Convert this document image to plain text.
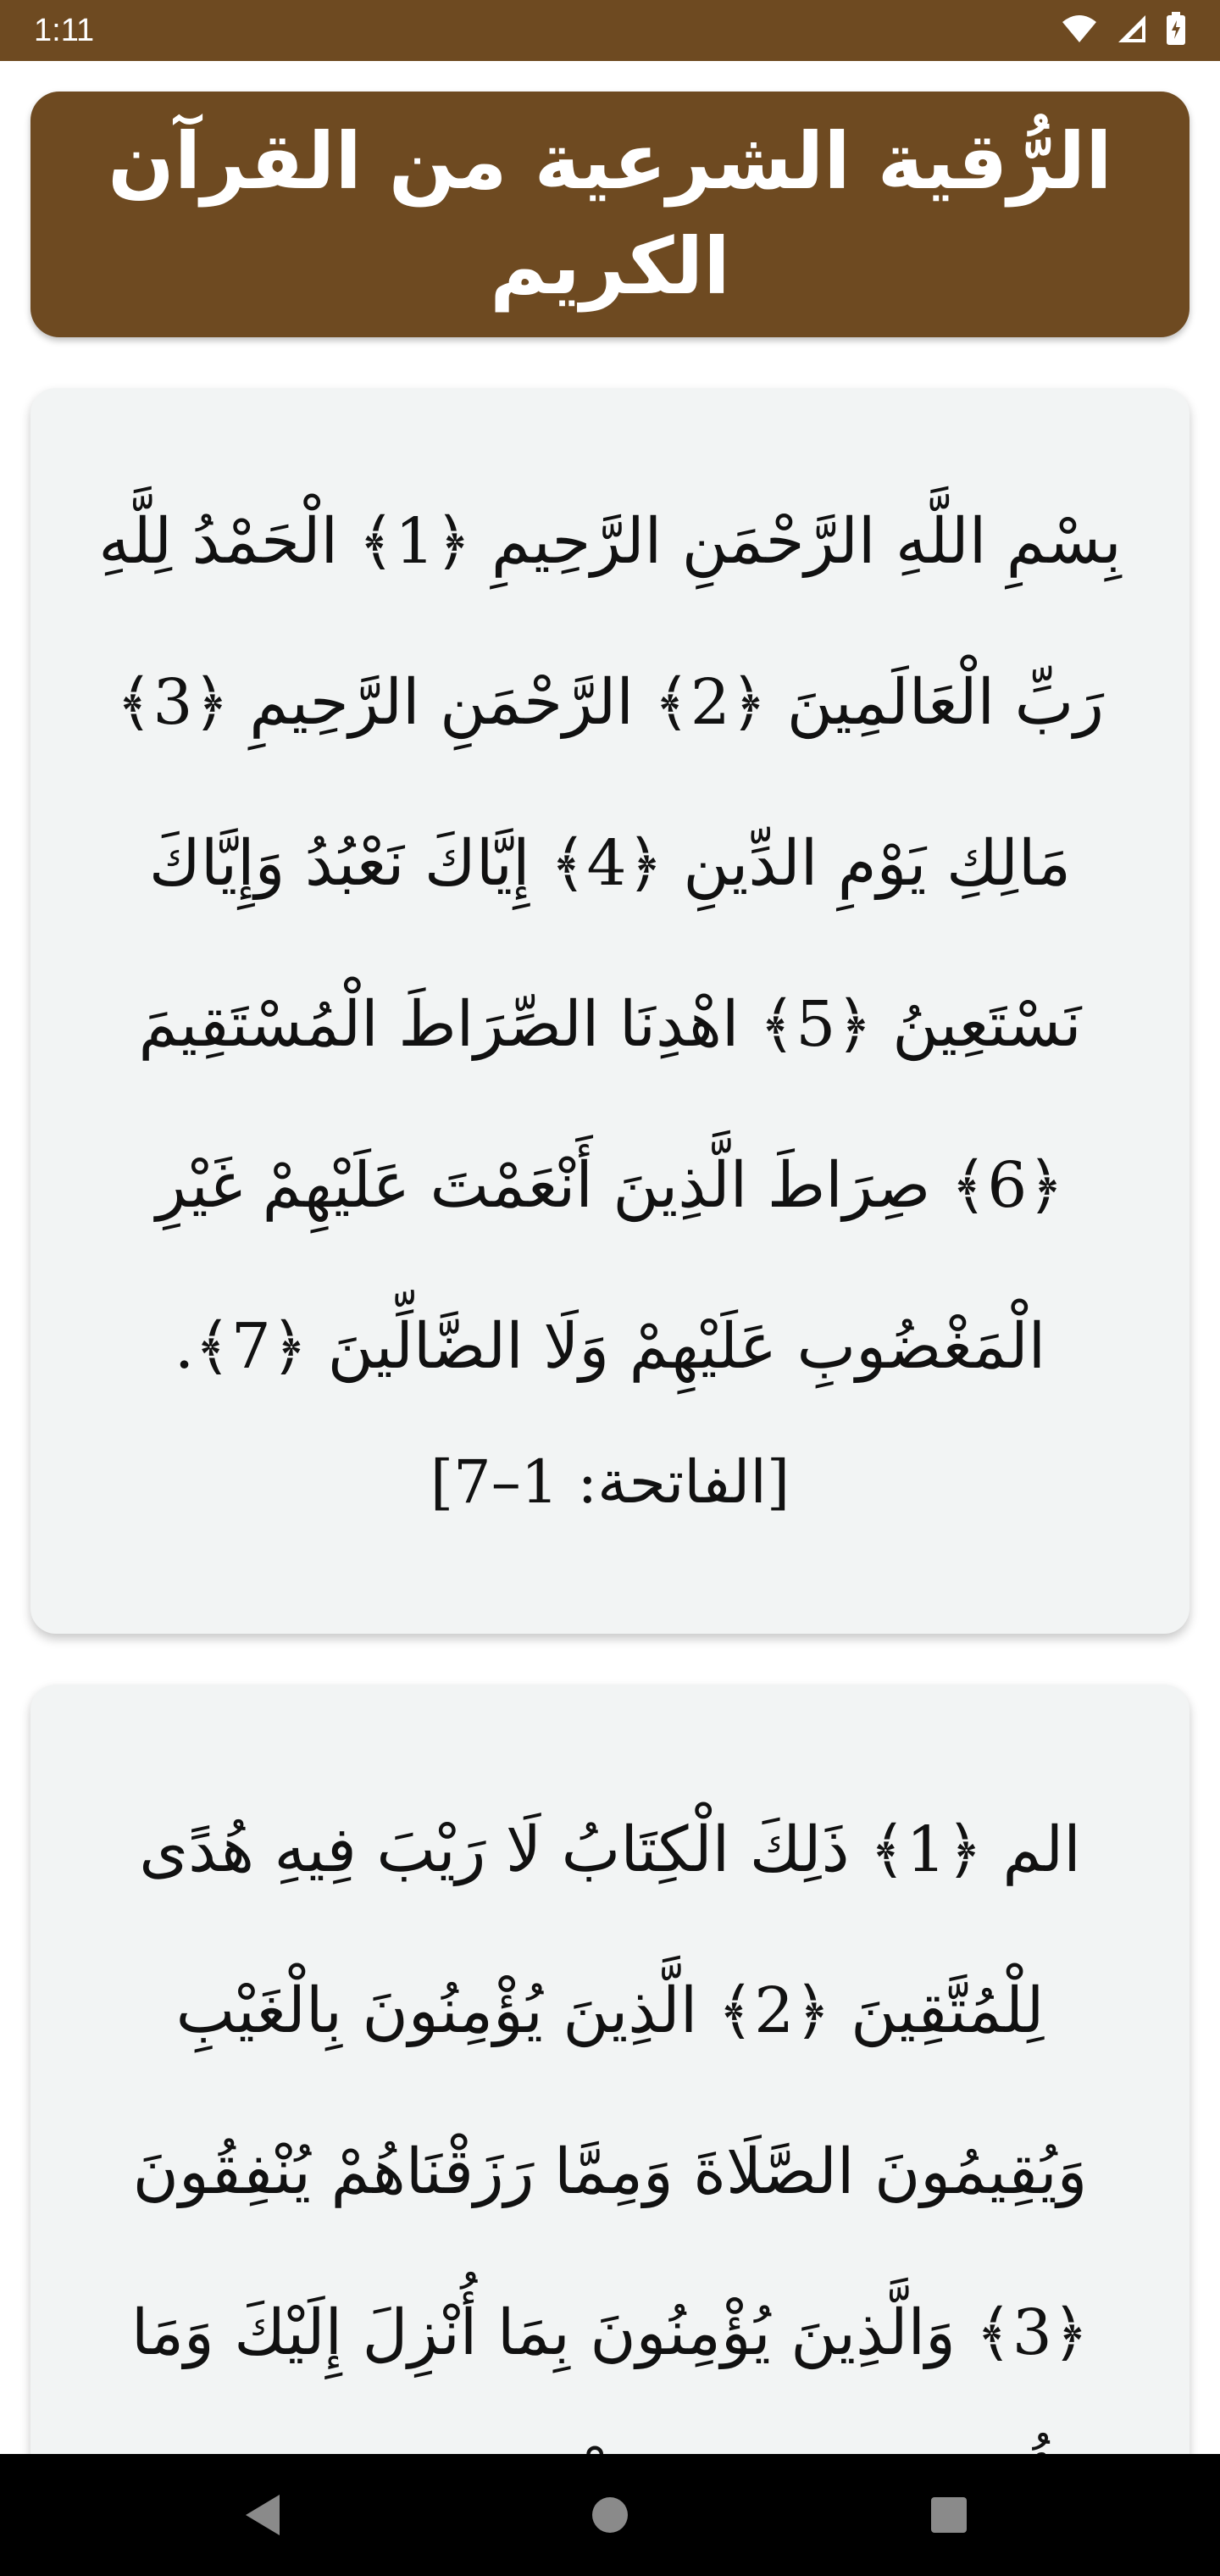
1:11
الرُّقية الشرعية من القرآن الكريم
بِسْمِ اللَّهِ الرَّحْمَنِ الرَّحِيمِ ﴿1﴾ الْحَمْدُ لِلَّهِ رَبِّ الْعَالَمِينَ ﴿2﴾ الرَّحْمَنِ الرَّحِيمِ ﴿3﴾ مَالِكِ يَوْمِ الدِّينِ ﴿4﴾ إِيَّاكَ نَعْبُدُ وَإِيَّاكَ نَسْتَعِينُ ﴿5﴾ اهْدِنَا الصِّرَاطَ الْمُسْتَقِيمَ ﴿6﴾ صِرَاطَ الَّذِينَ أَنْعَمْتَ عَلَيْهِمْ غَيْرِ الْمَغْضُوبِ عَلَيْهِمْ وَلَا الضَّالِّينَ ﴿7﴾.
[الفاتحة: 1–7]
الم ﴿1﴾ ذَلِكَ الْكِتَابُ لَا رَيْبَ فِيهِ هُدًى لِلْمُتَّقِينَ ﴿2﴾ الَّذِينَ يُؤْمِنُونَ بِالْغَيْبِ وَيُقِيمُونَ الصَّلَاةَ وَمِمَّا رَزَقْنَاهُمْ يُنْفِقُونَ ﴿3﴾ وَالَّذِينَ يُؤْمِنُونَ بِمَا أُنْزِلَ إِلَيْكَ وَمَا
